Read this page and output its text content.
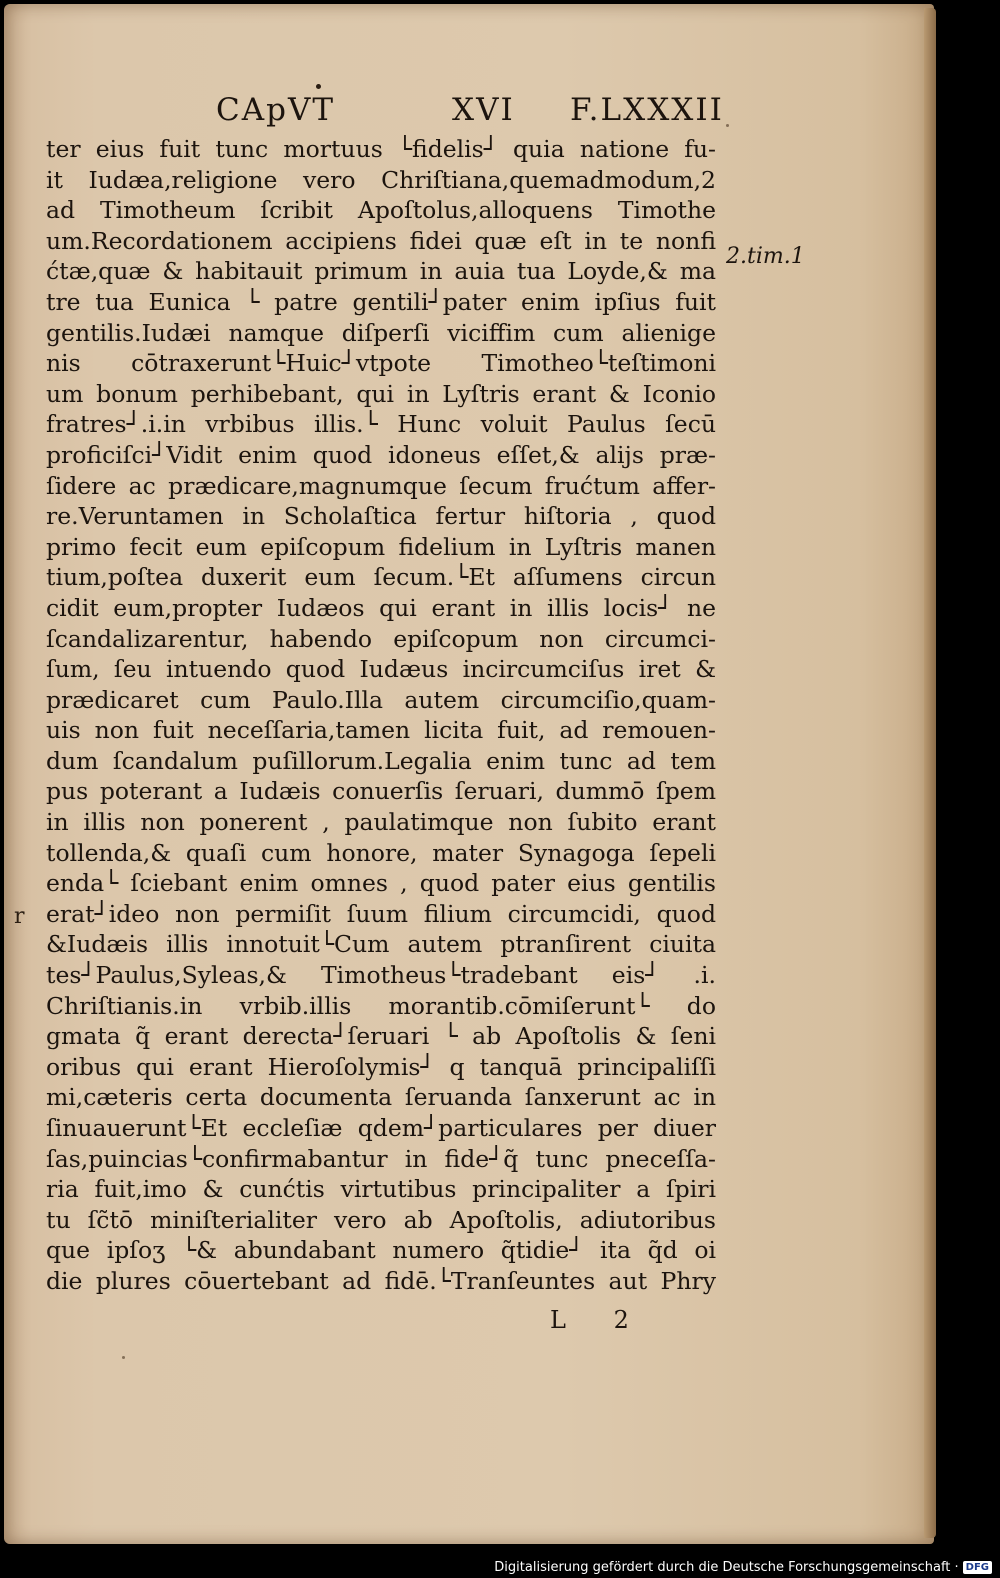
CApVT	XVI F.LXXXII
ter eius fuit tunc mortuus └fidelis┘ quia natione fu-
it Iudæa,religione vero Chriſtiana,quemadmodum,2
ad Timotheum ſcribit Apoſtolus,alloquens Timothe
um.Recordationem accipiens fidei quæ eſt in te nonfi
ćtæ,quæ & habitauit primum in auia tua Loyde,& ma
tre tua Eunica └ patre gentili┘pater enim ipſius fuit
gentilis.Iudæi namque diſperſi viciffim cum alienige
nis cōtraxerunt└Huic┘vtpote Timotheo└teſtimoni
um bonum perhibebant, qui in Lyſtris erant & Iconio
fratres┘.i.in vrbibus illis.└ Hunc voluit Paulus ſecū
proficiſci┘Vidit enim quod idoneus eſſet,& alijs præ-
ſidere ac prædicare,magnumque ſecum frućtum affer-
re.Veruntamen in Scholaſtica fertur hiſtoria , quod
primo fecit eum epiſcopum fidelium in Lyſtris manen
tium,poſtea duxerit eum ſecum.└Et aſſumens circun
cidit eum,propter Iudæos qui erant in illis locis┘ ne
ſcandalizarentur, habendo epiſcopum non circumci-
ſum, ſeu intuendo quod Iudæus incircumciſus iret &
prædicaret cum Paulo.Illa autem circumciſio,quam-
uis non fuit neceſſaria,tamen licita fuit, ad remouen-
dum ſcandalum puſillorum.Legalia enim tunc ad tem
pus poterant a Iudæis conuerſis ſeruari, dummō ſpem
in illis non ponerent , paulatimque non ſubito erant
tollenda,& quaſi cum honore, mater Synagoga ſepeli
enda└ ſciebant enim omnes , quod pater eius gentilis
erat┘ideo non permiſit ſuum filium circumcidi, quod
&Iudæis illis innotuit└Cum autem ptranſirent ciuita
tes┘Paulus,Syleas,& Timotheus└tradebant eis┘ .i.
Chriſtianis.in vrbib.illis morantib.cōmiſerunt└ do
gmata q̃ erant derecta┘ſeruari └ ab Apoſtolis & ſeni
oribus qui erant Hieroſolymis┘ q tanquā principaliſſi
mi,cæteris certa documenta ſeruanda ſanxerunt ac in
ſinuauerunt└Et eccleſiæ qdem┘particulares per diuer
ſas,puincias└confirmabantur in fide┘q̃ tunc pneceſſa-
ria fuit,imo & cunćtis virtutibus principaliter a ſpiri
tu ſc̃tō miniſterialiter vero ab Apoſtolis, adiutoribus
que ipſoʒ └& abundabant numero q̃tidie┘ ita q̃d oi
die plures cōuertebant ad fidē.└Tranſeuntes aut Phry
2.tim.1
r
L 2
Digitalisierung gefördert durch die Deutsche Forschungsgemeinschaft · DFG
